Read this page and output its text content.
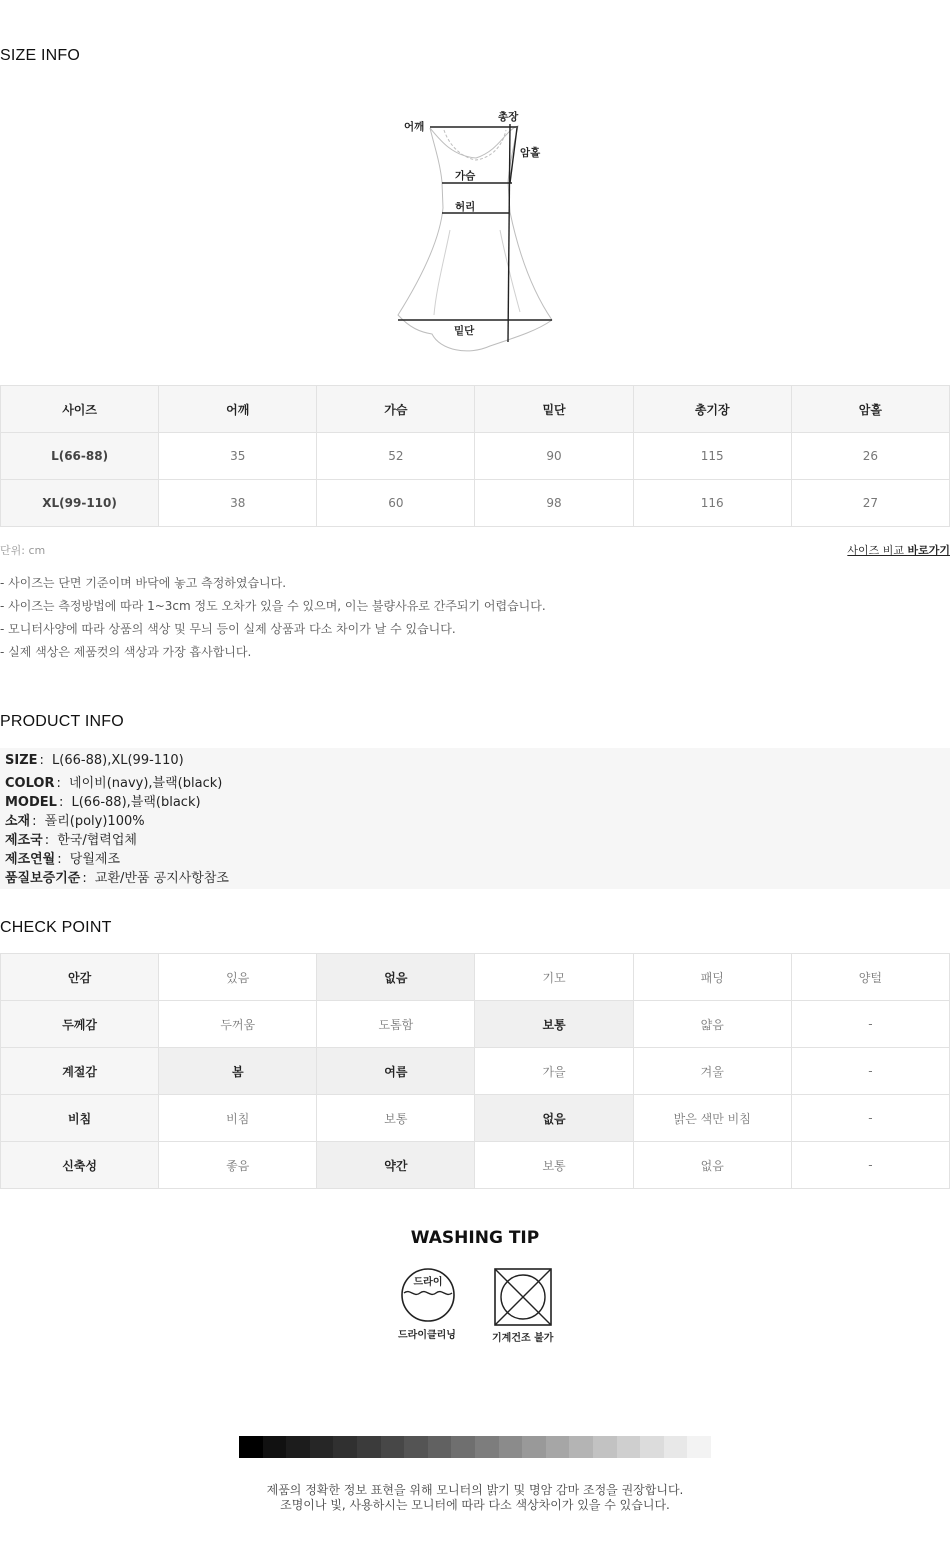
SIZE INFO
어깨
총장
암홀
가슴
허리
밑단
사이즈	어깨	가슴	밑단	총기장	암홀
L(66-88)	35	52	90	115	26
XL(99-110)	38	60	98	116	27
단위: cm	사이즈 비교 바로가기
- 사이즈는 단면 기준이며 바닥에 놓고 측정하였습니다.
- 사이즈는 측정방법에 따라 1~3cm 정도 오차가 있을 수 있으며, 이는 불량사유로 간주되기 어렵습니다.
- 모니터사양에 따라 상품의 색상 및 무늬 등이 실제 상품과 다소 차이가 날 수 있습니다.
- 실제 색상은 제품컷의 색상과 가장 흡사합니다.
PRODUCT INFO
SIZE : L(66-88),XL(99-110)
COLOR : 네이비(navy),블랙(black)
MODEL : L(66-88),블랙(black)
소재 : 폴리(poly)100%
제조국 : 한국/협력업체
제조연월 : 당월제조
품질보증기준 : 교환/반품 공지사항참조
CHECK POINT
안감	있음	없음	기모	패딩	양털
두께감	두꺼움	도톰함	보통	얇음	-
계절감	봄	여름	가을	겨울	-
비침	비침	보통	없음	밝은 색만 비침	-
신축성	좋음	약간	보통	없음	-
WASHING TIP
드라이
드라이클리닝	기계건조 불가
제품의 정확한 정보 표현을 위해 모니터의 밝기 및 명암 감마 조정을 권장합니다.
조명이나 빛, 사용하시는 모니터에 따라 다소 색상차이가 있을 수 있습니다.
